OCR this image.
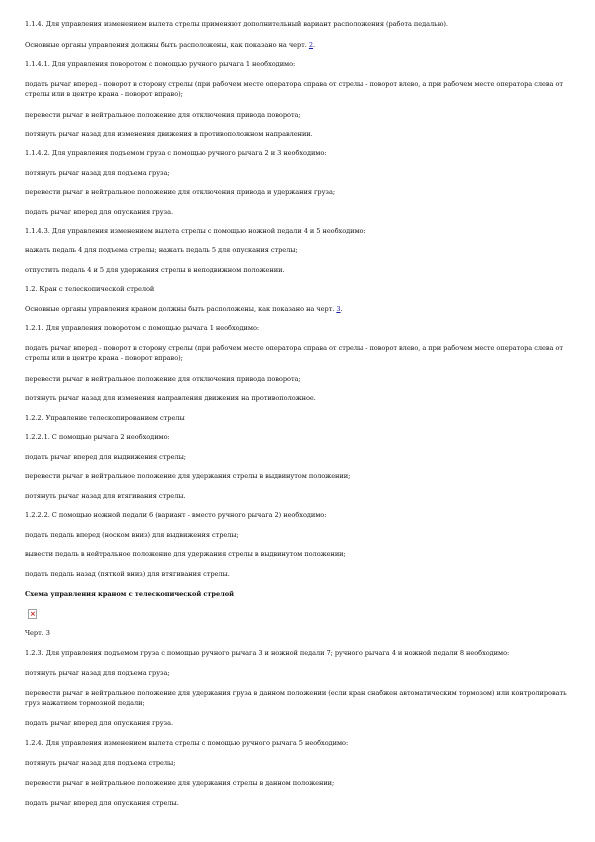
1.1.4. Для управления изменением вылета стрелы применяют дополнительный вариант расположения (работа педалью).

Основные органы управления должны быть расположены, как показано на черт. 2.

1.1.4.1. Для управления поворотом с помощью ручного рычага 1 необходимо:

подать рычаг вперед - поворот в сторону стрелы (при рабочем месте оператора справа от стрелы - поворот влево, а при рабочем месте оператора слева от стрелы или в центре крана - поворот вправо);

перевести рычаг в нейтральное положение для отключения привода поворота;

потянуть рычаг назад для изменения движения в противоположном направлении.

1.1.4.2. Для управления подъемом груза с помощью ручного рычага 2 и 3 необходимо:

потянуть рычаг назад для подъема груза;

перевести рычаг в нейтральное положение для отключения привода и удержания груза;

подать рычаг вперед для опускания груза.

1.1.4.3. Для управления изменением вылета стрелы с помощью ножной педали 4 и 5 необходимо:

нажать педаль 4 для подъема стрелы; нажать педаль 5 для опускания стрелы;

отпустить педаль 4 и 5 для удержания стрелы в неподвижном положении.

1.2. Кран с телескопической стрелой

Основные органы управления краном должны быть расположены, как показано на черт. 3.

1.2.1. Для управления поворотом с помощью рычага 1 необходимо:

подать рычаг вперед - поворот в сторону стрелы (при рабочем месте оператора справа от стрелы - поворот влево, а при рабочем месте оператора слева от стрелы или в центре крана - поворот вправо);

перевести рычаг в нейтральное положение для отключения привода поворота;

потянуть рычаг назад для изменения направления движения на противоположное.

1.2.2. Управление телескопированием стрелы

1.2.2.1. С помощью рычага 2 необходимо:

подать рычаг вперед для выдвижения стрелы;

перевести рычаг в нейтральное положение для удержания стрелы в выдвинутом положении;

потянуть рычаг назад для втягивания стрелы.

1.2.2.2. С помощью ножной педали 6 (вариант - вместо ручного рычага 2) необходимо:

подать педаль вперед (носком вниз) для выдвижения стрелы;

вывести педаль в нейтральное положение для удержания стрелы в выдвинутом положении;

подать педаль назад (пяткой вниз) для втягивания стрелы.

Схема управления краном с телескопической стрелой

×

Черт. 3

1.2.3. Для управления подъемом груза с помощью ручного рычага 3 и ножной педали 7; ручного рычага 4 и ножной педали 8 необходимо:

потянуть рычаг назад для подъема груза;

перевести рычаг в нейтральное положение для удержания груза в данном положении (если кран снабжен автоматическим тормозом) или контролировать груз нажатием тормозной педали;

подать рычаг вперед для опускания груза.

1.2.4. Для управления изменением вылета стрелы с помощью ручного рычага 5 необходимо:

потянуть рычаг назад для подъема стрелы;

перевести рычаг в нейтральное положение для удержания стрелы в данном положении;

подать рычаг вперед для опускания стрелы.
